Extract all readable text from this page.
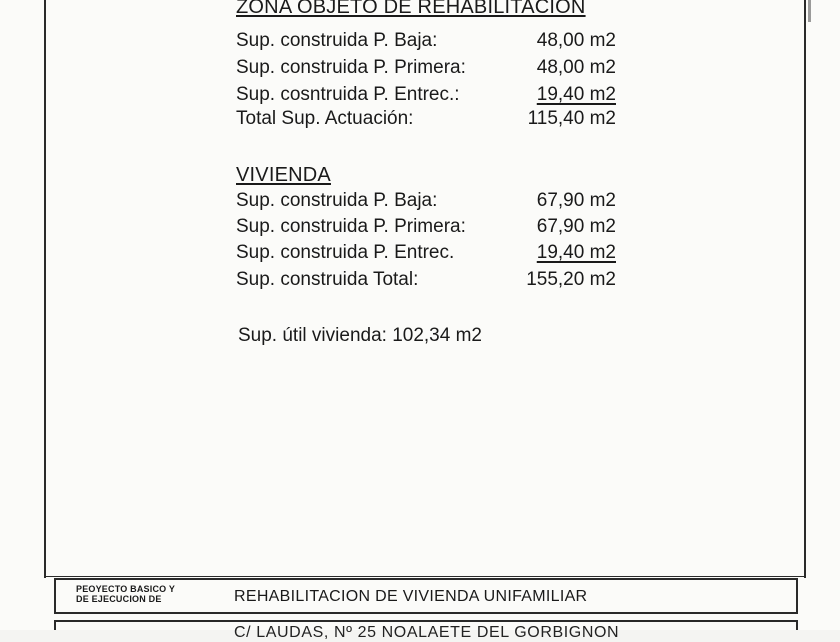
ZONA OBJETO DE REHABILITACION
Sup. construida P. Baja:	48,00 m2
Sup. construida P. Primera:	48,00 m2
Sup. cosntruida P. Entrec.:	19,40 m2
Total Sup. Actuación:	115,40 m2
VIVIENDA
Sup. construida P. Baja:	67,90 m2
Sup. construida P. Primera:	67,90 m2
Sup. construida P. Entrec.	19,40 m2
Sup. construida Total:	155,20 m2
Sup. útil vivienda: 102,34 m2
PEOYECTO BASICO Y
DE EJECUCION DE	REHABILITACION DE VIVIENDA UNIFAMILIAR
C/ LAUDAS, Nº 25 NOALAETE DEL GORBIGNON
